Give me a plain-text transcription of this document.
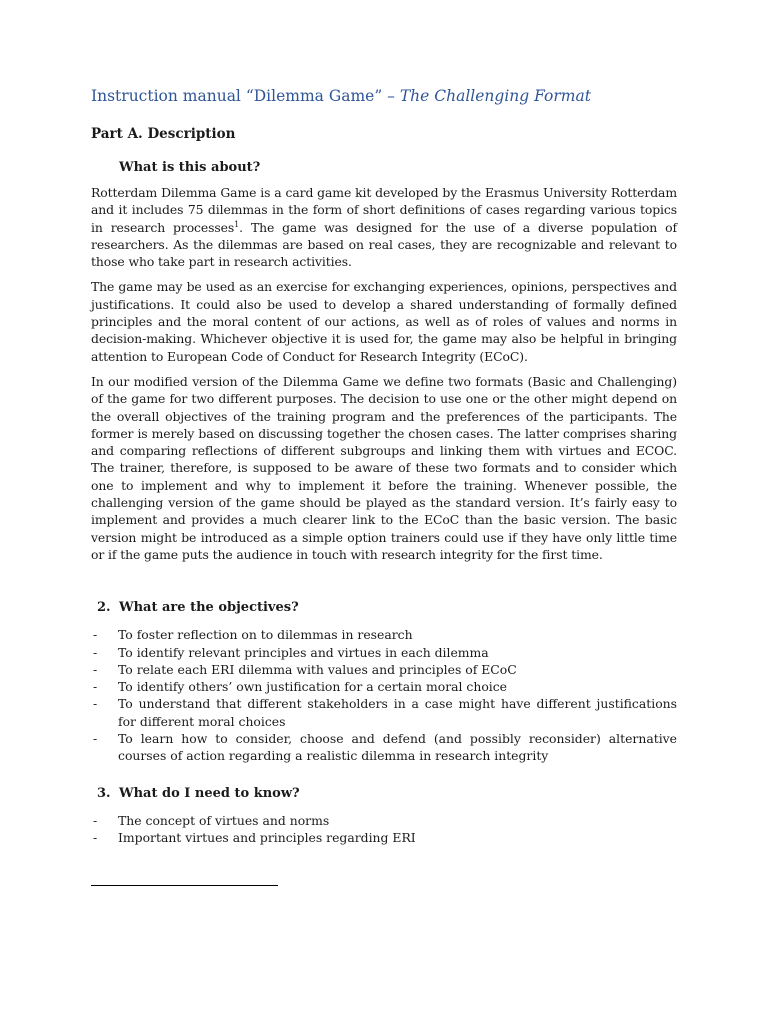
Instruction manual “Dilemma Game” – The Challenging Format
Part A. Description
What is this about?

Rotterdam Dilemma Game is a card game kit developed by the Erasmus University Rotterdam and it includes 75 dilemmas in the form of short definitions of cases regarding various topics in research processes$^1$. The game was designed for the use of a diverse population of researchers. As the dilemmas are based on real cases, they are recognizable and relevant to those who take part in research activities.

The game may be used as an exercise for exchanging experiences, opinions, perspectives and justifications. It could also be used to develop a shared understanding of formally defined principles and the moral content of our actions, as well as of roles of values and norms in decision-making. Whichever objective it is used for, the game may also be helpful in bringing attention to European Code of Conduct for Research Integrity (ECoC).

In our modified version of the Dilemma Game we define two formats (Basic and Challenging) of the game for two different purposes. The decision to use one or the other might depend on the overall objectives of the training program and the preferences of the participants. The former is merely based on discussing together the chosen cases. The latter comprises sharing and comparing reflections of different subgroups and linking them with virtues and ECOC. The trainer, therefore, is supposed to be aware of these two formats and to consider which one to implement and why to implement it before the training. Whenever possible, the challenging version of the game should be played as the standard version. It’s fairly easy to implement and provides a much clearer link to the ECoC than the basic version. The basic version might be introduced as a simple option trainers could use if they have only little time or if the game puts the audience in touch with research integrity for the first time.

2. What are the objectives?
-	To foster reflection on to dilemmas in research
-	To identify relevant principles and virtues in each dilemma
-	To relate each ERI dilemma with values and principles of ECoC
-	To identify others’ own justification for a certain moral choice
-	To understand that different stakeholders in a case might have different justifications for different moral choices
-	To learn how to consider, choose and defend (and possibly reconsider) alternative courses of action regarding a realistic dilemma in research integrity
3. What do I need to know?
-	The concept of virtues and norms
-	Important virtues and principles regarding ERI
